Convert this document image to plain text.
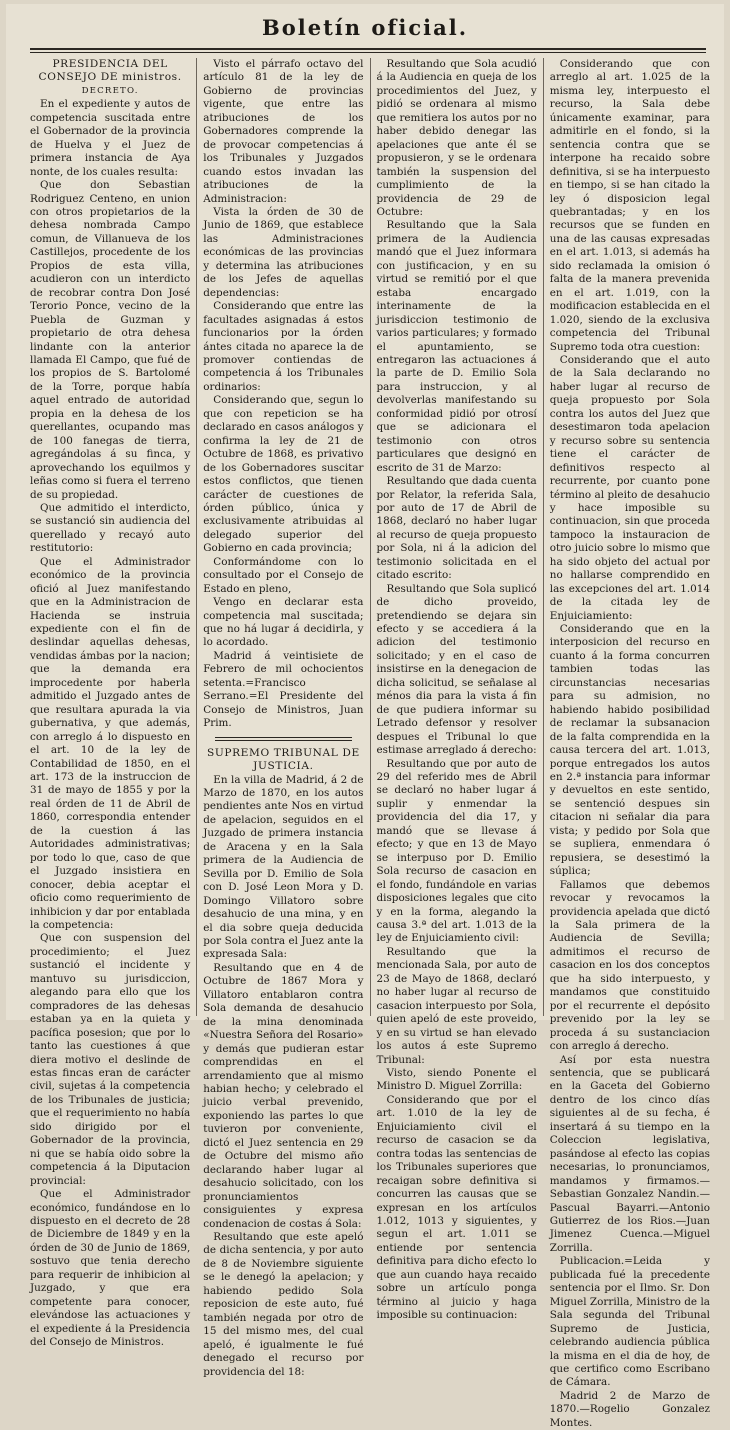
Boletín oficial.

PRESIDENCIA DEL CONSEJO DE ministros.

DECRETO.

En el expediente y autos de competencia suscitada entre el Gobernador de la provincia de Huelva y el Juez de primera instancia de Aya nonte, de los cuales resulta:

Que don Sebastian Rodriguez Centeno, en union con otros propietarios de la dehesa nombrada Campo comun, de Villanueva de los Castillejos, procedente de los Propios de esta villa, acudieron con un interdicto de recobrar contra Don José Terorio Ponce, vecino de la Puebla de Guzman y propietario de otra dehesa lindante con la anterior llamada El Campo, que fué de los propios de S. Bartolomé de la Torre, porque había aquel entrado de autoridad propia en la dehesa de los querellantes, ocupando mas de 100 fanegas de tierra, agregándolas á su finca, y aprovechando los equilmos y leñas como si fuera el terreno de su propiedad.

Que admitido el interdicto, se sustanció sin audiencia del querellado y recayó auto restitutorio:

Que el Administrador económico de la provincia ofició al Juez manifestando que en la Administracion de Hacienda se instruia expediente con el fin de deslindar aquellas dehesas, vendidas ámbas por la nacion; que la demanda era improcedente por haberla admitido el Juzgado antes de que resultara apurada la via gubernativa, y que además, con arreglo á lo dispuesto en el art. 10 de la ley de Contabilidad de 1850, en el art. 173 de la instruccion de 31 de mayo de 1855 y por la real órden de 11 de Abril de 1860, correspondia entender de la cuestion á las Autoridades administrativas; por todo lo que, caso de que el Juzgado insistiera en conocer, debia aceptar el oficio como requerimiento de inhibicion y dar por entablada la competencia:

Que con suspension del procedimiento; el Juez sustanció el incidente y mantuvo su jurisdiccion, alegando para ello que los compradores de las dehesas estaban ya en la quieta y pacífica posesion; que por lo tanto las cuestiones á que diera motivo el deslinde de estas fincas eran de carácter civil, sujetas á la competencia de los Tribunales de justicia; que el requerimiento no había sido dirigido por el Gobernador de la provincia, ni que se había oido sobre la competencia á la Diputacion provincial:

Que el Administrador económico, fundándose en lo dispuesto en el decreto de 28 de Diciembre de 1849 y en la órden de 30 de Junio de 1869, sostuvo que tenia derecho para requerir de inhibicion al Juzgado, y que era competente para conocer, elevándose las actuaciones y el expediente á la Presidencia del Consejo de Ministros.

Visto el párrafo octavo del artículo 81 de la ley de Gobierno de provincias vigente, que entre las atribuciones de los Gobernadores comprende la de provocar competencias á los Tribunales y Juzgados cuando estos invadan las atribuciones de la Administracion:

Vista la órden de 30 de Junio de 1869, que establece las Administraciones económicas de las provincias y determina las atribuciones de los Jefes de aquellas dependencias:

Considerando que entre las facultades asignadas á estos funcionarios por la órden ántes citada no aparece la de promover contiendas de competencia á los Tribunales ordinarios:

Considerando que, segun lo que con repeticion se ha declarado en casos análogos y confirma la ley de 21 de Octubre de 1868, es privativo de los Gobernadores suscitar estos conflictos, que tienen carácter de cuestiones de órden público, única y exclusivamente atribuidas al delegado superior del Gobierno en cada provincia;

Conformándome con lo consultado por el Consejo de Estado en pleno,

Vengo en declarar esta competencia mal suscitada; que no há lugar á decidirla, y lo acordado.

Madrid á veintisiete de Febrero de mil ochocientos setenta.=Francisco Serrano.=El Presidente del Consejo de Ministros, Juan Prim.

SUPREMO TRIBUNAL DE JUSTICIA.

En la villa de Madrid, á 2 de Marzo de 1870, en los autos pendientes ante Nos en virtud de apelacion, seguidos en el Juzgado de primera instancia de Aracena y en la Sala primera de la Audiencia de Sevilla por D. Emilio de Sola con D. José Leon Mora y D. Domingo Villatoro sobre desahucio de una mina, y en el dia sobre queja deducida por Sola contra el Juez ante la expresada Sala:

Resultando que en 4 de Octubre de 1867 Mora y Villatoro entablaron contra Sola demanda de desahucio de la mina denominada «Nuestra Señora del Rosario» y demás que pudieran estar comprendidas en el arrendamiento que al mismo habian hecho; y celebrado el juicio verbal prevenido, exponiendo las partes lo que tuvieron por conveniente, dictó el Juez sentencia en 29 de Octubre del mismo año declarando haber lugar al desahucio solicitado, con los pronunciamientos consiguientes y expresa condenacion de costas á Sola:

Resultando que este apeló de dicha sentencia, y por auto de 8 de Noviembre siguiente se le denegó la apelacion; y habiendo pedido Sola reposicion de este auto, fué también negada por otro de 15 del mismo mes, del cual apeló, é igualmente le fué denegado el recurso por providencia del 18:

Resultando que Sola acudió á la Audiencia en queja de los procedimientos del Juez, y pidió se ordenara al mismo que remitiera los autos por no haber debido denegar las apelaciones que ante él se propusieron, y se le ordenara también la suspension del cumplimiento de la providencia de 29 de Octubre:

Resultando que la Sala primera de la Audiencia mandó que el Juez informara con justificacion, y en su virtud se remitió por el que estaba encargado interinamente de la jurisdiccion testimonio de varios particulares; y formado el apuntamiento, se entregaron las actuaciones á la parte de D. Emilio Sola para instruccion, y al devolverlas manifestando su conformidad pidió por otrosí que se adicionara el testimonio con otros particulares que designó en escrito de 31 de Marzo:

Resultando que dada cuenta por Relator, la referida Sala, por auto de 17 de Abril de 1868, declaró no haber lugar al recurso de queja propuesto por Sola, ni á la adicion del testimonio solicitada en el citado escrito:

Resultando que Sola suplicó de dicho proveido, pretendiendo se dejara sin efecto y se accediera á la adicion del testimonio solicitado; y en el caso de insistirse en la denegacion de dicha solicitud, se señalase al ménos dia para la vista á fin de que pudiera informar su Letrado defensor y resolver despues el Tribunal lo que estimase arreglado á derecho:

Resultando que por auto de 29 del referido mes de Abril se declaró no haber lugar á suplir y enmendar la providencia del dia 17, y mandó que se llevase á efecto; y que en 13 de Mayo se interpuso por D. Emilio Sola recurso de casacion en el fondo, fundándole en varias disposiciones legales que cito y en la forma, alegando la causa 3.ª del art. 1.013 de la ley de Enjuiciamiento civil:

Resultando que la mencionada Sala, por auto de 23 de Mayo de 1868, declaró no haber lugar al recurso de casacion interpuesto por Sola, quien apeló de este proveido, y en su virtud se han elevado los autos á este Supremo Tribunal:

Visto, siendo Ponente el Ministro D. Miguel Zorrilla:

Considerando que por el art. 1.010 de la ley de Enjuiciamiento civil el recurso de casacion se da contra todas las sentencias de los Tribunales superiores que recaigan sobre definitiva si concurren las causas que se expresan en los artículos 1.012, 1013 y siguientes, y segun el art. 1.011 se entiende por sentencia definitiva para dicho efecto lo que aun cuando haya recaido sobre un artículo ponga término al juicio y haga imposible su continuacion:

Considerando que con arreglo al art. 1.025 de la misma ley, interpuesto el recurso, la Sala debe únicamente examinar, para admitirle en el fondo, si la sentencia contra que se interpone ha recaido sobre definitiva, si se ha interpuesto en tiempo, si se han citado la ley ó disposicion legal quebrantadas; y en los recursos que se funden en una de las causas expresadas en el art. 1.013, si además ha sido reclamada la omision ó falta de la manera prevenida en el art. 1.019, con la modificacion establecida en el 1.020, siendo de la exclusiva competencia del Tribunal Supremo toda otra cuestion:

Considerando que el auto de la Sala declarando no haber lugar al recurso de queja propuesto por Sola contra los autos del Juez que desestimaron toda apelacion y recurso sobre su sentencia tiene el carácter de definitivos respecto al recurrente, por cuanto pone término al pleito de desahucio y hace imposible su continuacion, sin que proceda tampoco la instauracion de otro juicio sobre lo mismo que ha sido objeto del actual por no hallarse comprendido en las excepciones del art. 1.014 de la citada ley de Enjuiciamiento:

Considerando que en la interposicion del recurso en cuanto á la forma concurren tambien todas las circunstancias necesarias para su admision, no habiendo habido posibilidad de reclamar la subsanacion de la falta comprendida en la causa tercera del art. 1.013, porque entregados los autos en 2.ª instancia para informar y devueltos en este sentido, se sentenció despues sin citacion ni señalar dia para vista; y pedido por Sola que se supliera, enmendara ó repusiera, se desestimó la súplica;

Fallamos que debemos revocar y revocamos la providencia apelada que dictó la Sala primera de la Audiencia de Sevilla; admitimos el recurso de casacion en los dos conceptos que ha sido interpuesto, y mandamos que constituido por el recurrente el depósito prevenido por la ley se proceda á su sustanciacion con arreglo á derecho.

Así por esta nuestra sentencia, que se publicará en la Gaceta del Gobierno dentro de los cinco días siguientes al de su fecha, é insertará á su tiempo en la Coleccion legislativa, pasándose al efecto las copias necesarias, lo pronunciamos, mandamos y firmamos.—Sebastian Gonzalez Nandin.—Pascual Bayarri.—Antonio Gutierrez de los Rios.—Juan Jimenez Cuenca.—Miguel Zorrilla.

Publicacion.=Leida y publicada fué la precedente sentencia por el Ilmo. Sr. Don Miguel Zorrilla, Ministro de la Sala segunda del Tribunal Supremo de Justicia, celebrando audiencia pública la misma en el dia de hoy, de que certifico como Escribano de Cámara.

Madrid 2 de Marzo de 1870.—Rogelio Gonzalez Montes.
